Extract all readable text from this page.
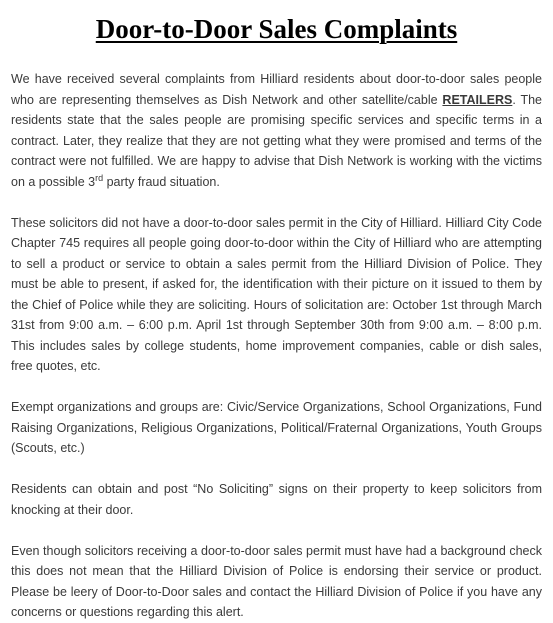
Door-to-Door Sales Complaints

We have received several complaints from Hilliard residents about door-to-door sales people who are representing themselves as Dish Network and other satellite/cable RETAILERS. The residents state that the sales people are promising specific services and specific terms in a contract. Later, they realize that they are not getting what they were promised and terms of the contract were not fulfilled. We are happy to advise that Dish Network is working with the victims on a possible 3rd party fraud situation.

These solicitors did not have a door-to-door sales permit in the City of Hilliard. Hilliard City Code Chapter 745 requires all people going door-to-door within the City of Hilliard who are attempting to sell a product or service to obtain a sales permit from the Hilliard Division of Police. They must be able to present, if asked for, the identification with their picture on it issued to them by the Chief of Police while they are soliciting. Hours of solicitation are: October 1st through March 31st from 9:00 a.m. – 6:00 p.m. April 1st through September 30th from 9:00 a.m. – 8:00 p.m. This includes sales by college students, home improvement companies, cable or dish sales, free quotes, etc.

Exempt organizations and groups are: Civic/Service Organizations, School Organizations, Fund Raising Organizations, Religious Organizations, Political/Fraternal Organizations, Youth Groups (Scouts, etc.)

Residents can obtain and post “No Soliciting” signs on their property to keep solicitors from knocking at their door.

Even though solicitors receiving a door-to-door sales permit must have had a background check this does not mean that the Hilliard Division of Police is endorsing their service or product. Please be leery of Door-to-Door sales and contact the Hilliard Division of Police if you have any concerns or questions regarding this alert.
